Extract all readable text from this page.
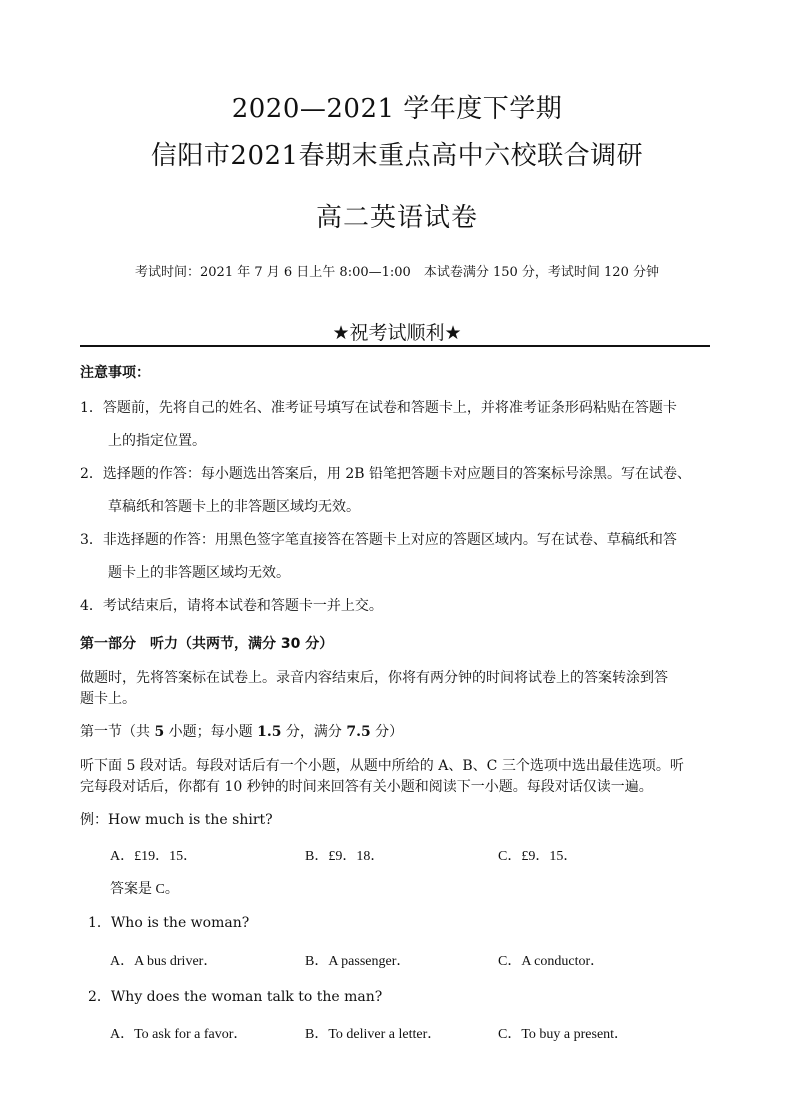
2020—2021 学年度下学期
信阳市2021春期末重点高中六校联合调研
高二英语试卷
考试时间：2021 年 7 月 6 日上午 8:00—1:00　本试卷满分 150 分，考试时间 120 分钟
★祝考试顺利★
注意事项：
1．答题前，先将自己的姓名、准考证号填写在试卷和答题卡上，并将准考证条形码粘贴在答题卡
上的指定位置。
2．选择题的作答：每小题选出答案后，用 2B 铅笔把答题卡对应题目的答案标号涂黑。写在试卷、
草稿纸和答题卡上的非答题区域均无效。
3．非选择题的作答：用黑色签字笔直接答在答题卡上对应的答题区域内。写在试卷、草稿纸和答
题卡上的非答题区域均无效。
4．考试结束后，请将本试卷和答题卡一并上交。
第一部分　听力（共两节，满分 30 分）
做题时，先将答案标在试卷上。录音内容结束后，你将有两分钟的时间将试卷上的答案转涂到答
题卡上。
第一节（共 5 小题；每小题 1.5 分，满分 7.5 分）
听下面 5 段对话。每段对话后有一个小题，从题中所给的 A、B、C 三个选项中选出最佳选项。听
完每段对话后，你都有 10 秒钟的时间来回答有关小题和阅读下一小题。每段对话仅读一遍。
例：How much is the shirt?
A．£19．15．	B．£9．18．	C．£9．15．
答案是 C。
1．Who is the woman?
A．A bus driver．	B．A passenger．	C．A conductor．
2．Why does the woman talk to the man?
A．To ask for a favor．	B．To deliver a letter．	C．To buy a present．
